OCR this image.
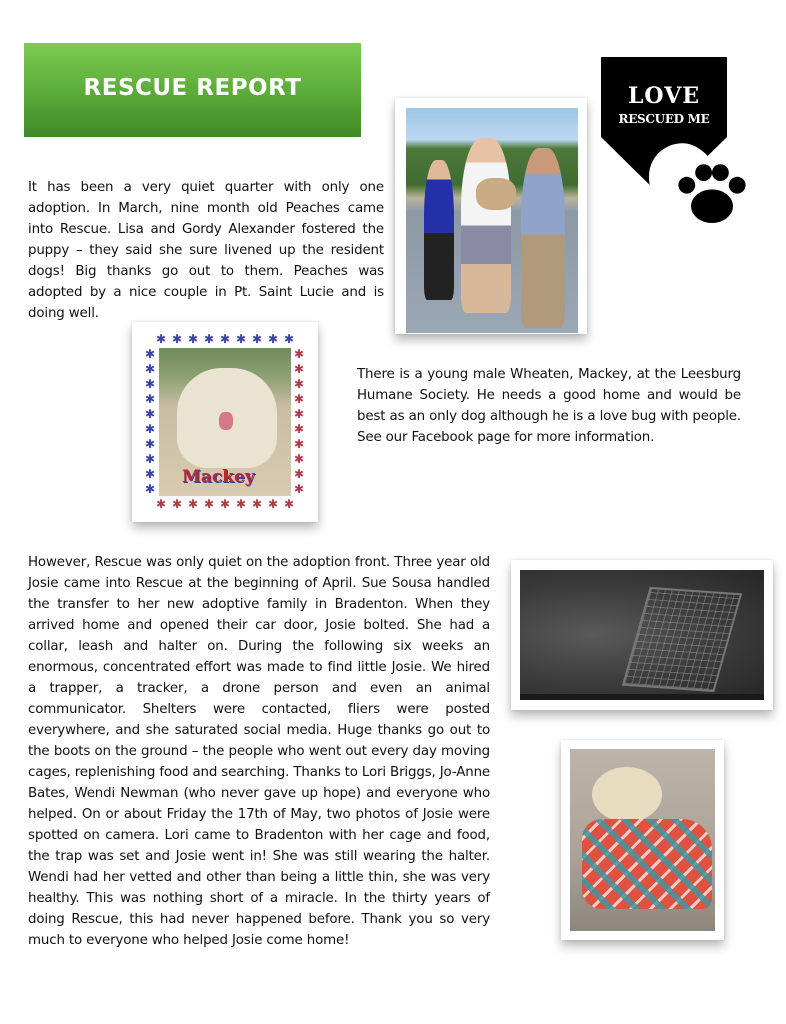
RESCUE REPORT	LOVE
RESCUED ME

It has been a very quiet quarter with only one adoption. In March, nine month old Peaches came into Rescue. Lisa and Gordy Alexander fostered the puppy – they said she sure livened up the resident dogs! Big thanks go out to them. Peaches was adopted by a nice couple in Pt. Saint Lucie and is doing well.

✱ ✱ ✱ ✱ ✱ ✱ ✱ ✱ ✱
✱ ✱ ✱ ✱ ✱ ✱ ✱ ✱ ✱
✱
✱
✱
✱
✱
✱
✱
✱
✱
✱
✱
✱
✱
✱
✱
✱
✱
✱
✱
✱
Mackey

There is a young male Wheaten, Mackey, at the Leesburg Humane Society. He needs a good home and would be best as an only dog although he is a love bug with people. See our Facebook page for more information.

However, Rescue was only quiet on the adoption front. Three year old Josie came into Rescue at the beginning of April. Sue Sousa handled the transfer to her new adoptive family in Bradenton. When they arrived home and opened their car door, Josie bolted. She had a collar, leash and halter on. During the following six weeks an enormous, concentrated effort was made to find little Josie. We hired a trapper, a tracker, a drone person and even an animal communicator. Shelters were contacted, fliers were posted everywhere, and she saturated social media. Huge thanks go out to the boots on the ground – the people who went out every day moving cages, replenishing food and searching. Thanks to Lori Briggs, Jo-Anne Bates, Wendi Newman (who never gave up hope) and everyone who helped. On or about Friday the 17th of May, two photos of Josie were spotted on camera. Lori came to Bradenton with her cage and food, the trap was set and Josie went in! She was still wearing the halter. Wendi had her vetted and other than being a little thin, she was very healthy. This was nothing short of a miracle. In the thirty years of doing Rescue, this had never happened before. Thank you so very much to everyone who helped Josie come home!
